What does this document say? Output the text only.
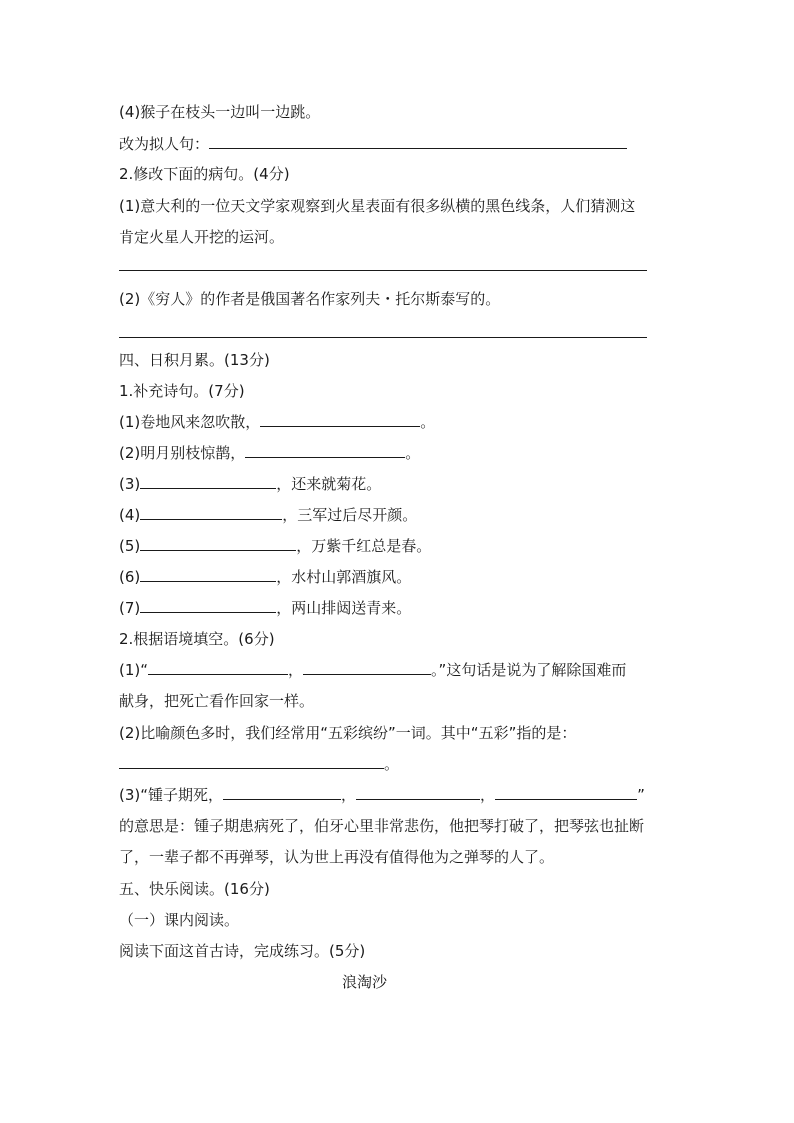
(4)猴子在枝头一边叫一边跳。
改为拟人句：
2.修改下面的病句。(4分)
(1)意大利的一位天文学家观察到火星表面有很多纵横的黑色线条，人们猜测这
肯定火星人开挖的运河。
(2)《穷人》的作者是俄国著名作家列夫・托尔斯泰写的。
四、日积月累。(13分)
1.补充诗句。(7分)
(1)卷地风来忽吹散，	。
(2)明月别枝惊鹊，	。
(3)	，还来就菊花。
(4)	，三军过后尽开颜。
(5)	，万紫千红总是春。
(6)	，水村山郭酒旗风。
(7)	，两山排闼送青来。
2.根据语境填空。(6分)
(1)“	，	。”这句话是说为了解除国难而
献身，把死亡看作回家一样。
(2)比喻颜色多时，我们经常用“五彩缤纷”一词。其中“五彩”指的是：
。
(3)“锺子期死，	，	，	”
的意思是：锺子期患病死了，伯牙心里非常悲伤，他把琴打破了，把琴弦也扯断
了，一辈子都不再弹琴，认为世上再没有值得他为之弹琴的人了。
五、快乐阅读。(16分)
（一）课内阅读。
阅读下面这首古诗，完成练习。(5分)
浪淘沙
